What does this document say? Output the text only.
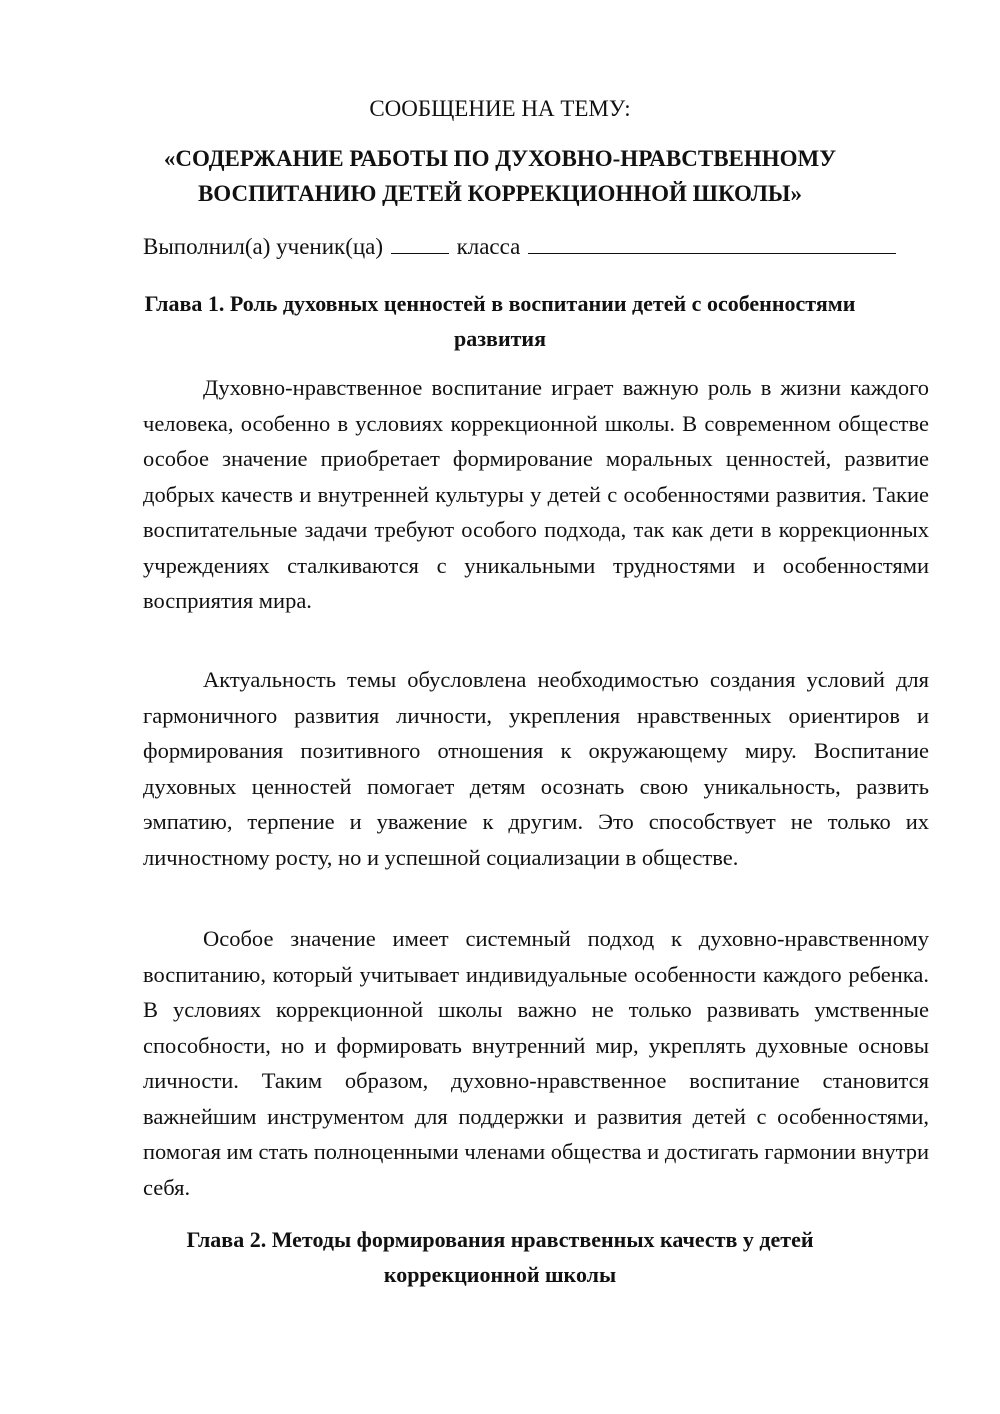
СООБЩЕНИЕ НА ТЕМУ:

«СОДЕРЖАНИЕ РАБОТЫ ПО ДУХОВНО-НРАВСТВЕННОМУ

ВОСПИТАНИЮ ДЕТЕЙ КОРРЕКЦИОННОЙ ШКОЛЫ»

Выполнил(а) ученик(ца)	класса

Глава 1. Роль духовных ценностей в воспитании детей с особенностями

развития

Духовно-нравственное воспитание играет важную роль в жизни каждого человека, особенно в условиях коррекционной школы. В современном обществе особое значение приобретает формирование моральных ценностей, развитие добрых качеств и внутренней культуры у детей с особенностями развития. Такие воспитательные задачи требуют особого подхода, так как дети в коррекционных учреждениях сталкиваются с уникальными трудностями и особенностями восприятия мира.

Актуальность темы обусловлена необходимостью создания условий для гармоничного развития личности, укрепления нравственных ориентиров и формирования позитивного отношения к окружающему миру. Воспитание духовных ценностей помогает детям осознать свою уникальность, развить эмпатию, терпение и уважение к другим. Это способствует не только их личностному росту, но и успешной социализации в обществе.

Особое значение имеет системный подход к духовно-нравственному воспитанию, который учитывает индивидуальные особенности каждого ребенка. В условиях коррекционной школы важно не только развивать умственные способности, но и формировать внутренний мир, укреплять духовные основы личности. Таким образом, духовно-нравственное воспитание становится важнейшим инструментом для поддержки и развития детей с особенностями, помогая им стать полноценными членами общества и достигать гармонии внутри себя.

Глава 2. Методы формирования нравственных качеств у детей

коррекционной школы
